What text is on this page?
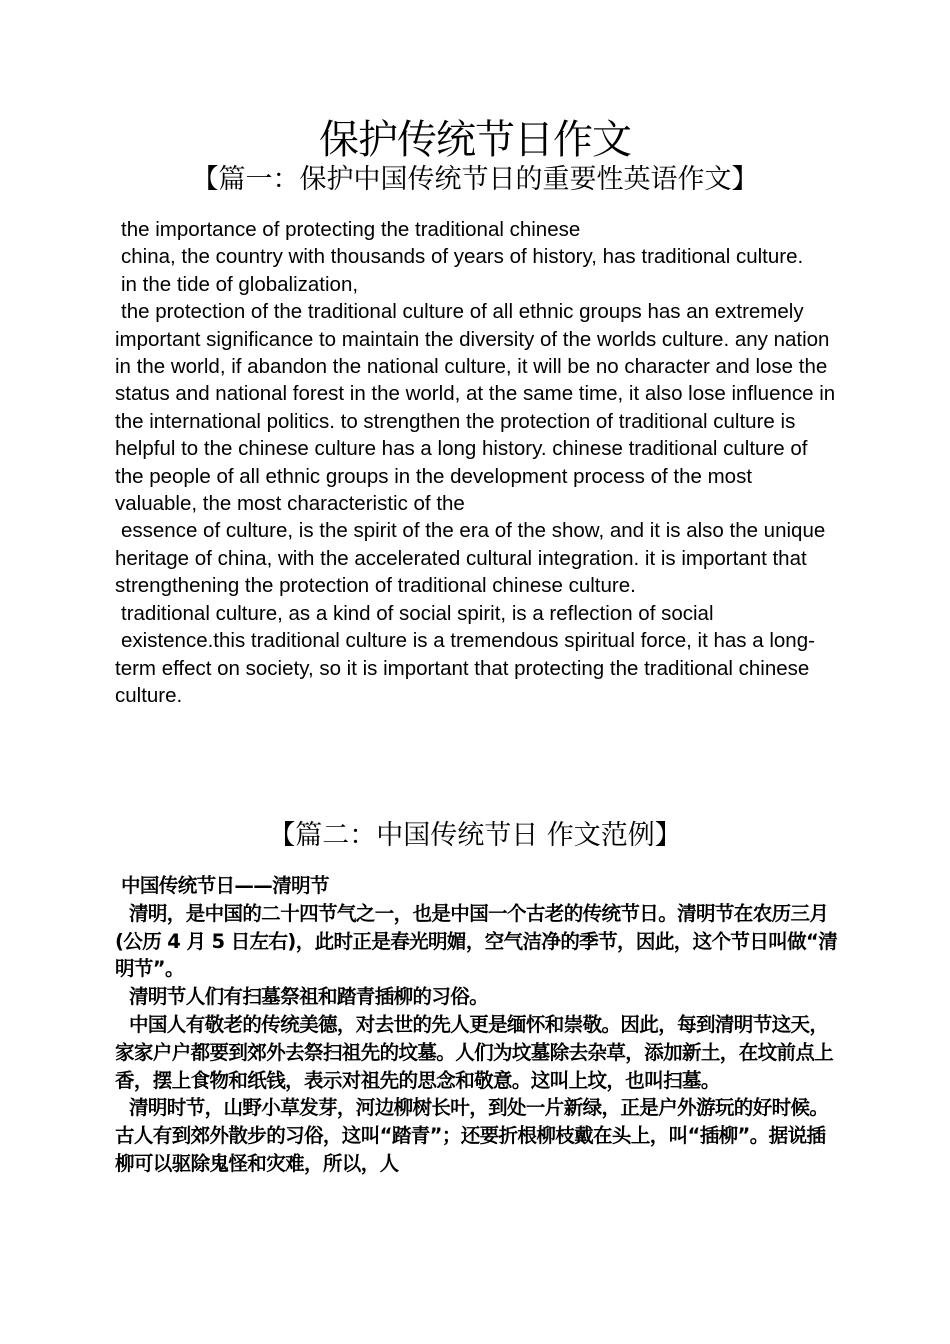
保护传统节日作文
【篇一：保护中国传统节日的重要性英语作文】

the importance of protecting the traditional chinese

china, the country with thousands of years of history, has traditional culture.

in the tide of globalization,

the protection of the traditional culture of all ethnic groups has an extremely important significance to maintain the diversity of the worlds culture. any nation in the world, if abandon the national culture, it will be no character and lose the status and national forest in the world, at the same time, it also lose influence in the international politics. to strengthen the protection of traditional culture is helpful to the chinese culture has a long history. chinese traditional culture of the people of all ethnic groups in the development process of the most valuable, the most characteristic of the

essence of culture, is the spirit of the era of the show, and it is also the unique heritage of china, with the accelerated cultural integration. it is important that strengthening the protection of traditional chinese culture.

traditional culture, as a kind of social spirit, is a reflection of social

existence.this traditional culture is a tremendous spiritual force, it has a long-term effect on society, so it is important that protecting the traditional chinese culture.

【篇二：中国传统节日 作文范例】

中国传统节日——清明节

清明，是中国的二十四节气之一，也是中国一个古老的传统节日。清明节在农历三月(公历 4 月 5 日左右)，此时正是春光明媚，空气洁净的季节，因此，这个节日叫做“清明节”。

清明节人们有扫墓祭祖和踏青插柳的习俗。

中国人有敬老的传统美德，对去世的先人更是缅怀和崇敬。因此，每到清明节这天，家家户户都要到郊外去祭扫祖先的坟墓。人们为坟墓除去杂草，添加新土，在坟前点上香，摆上食物和纸钱，表示对祖先的思念和敬意。这叫上坟，也叫扫墓。

清明时节，山野小草发芽，河边柳树长叶，到处一片新绿，正是户外游玩的好时候。古人有到郊外散步的习俗，这叫“踏青”；还要折根柳枝戴在头上，叫“插柳”。据说插柳可以驱除鬼怪和灾难，所以，人
